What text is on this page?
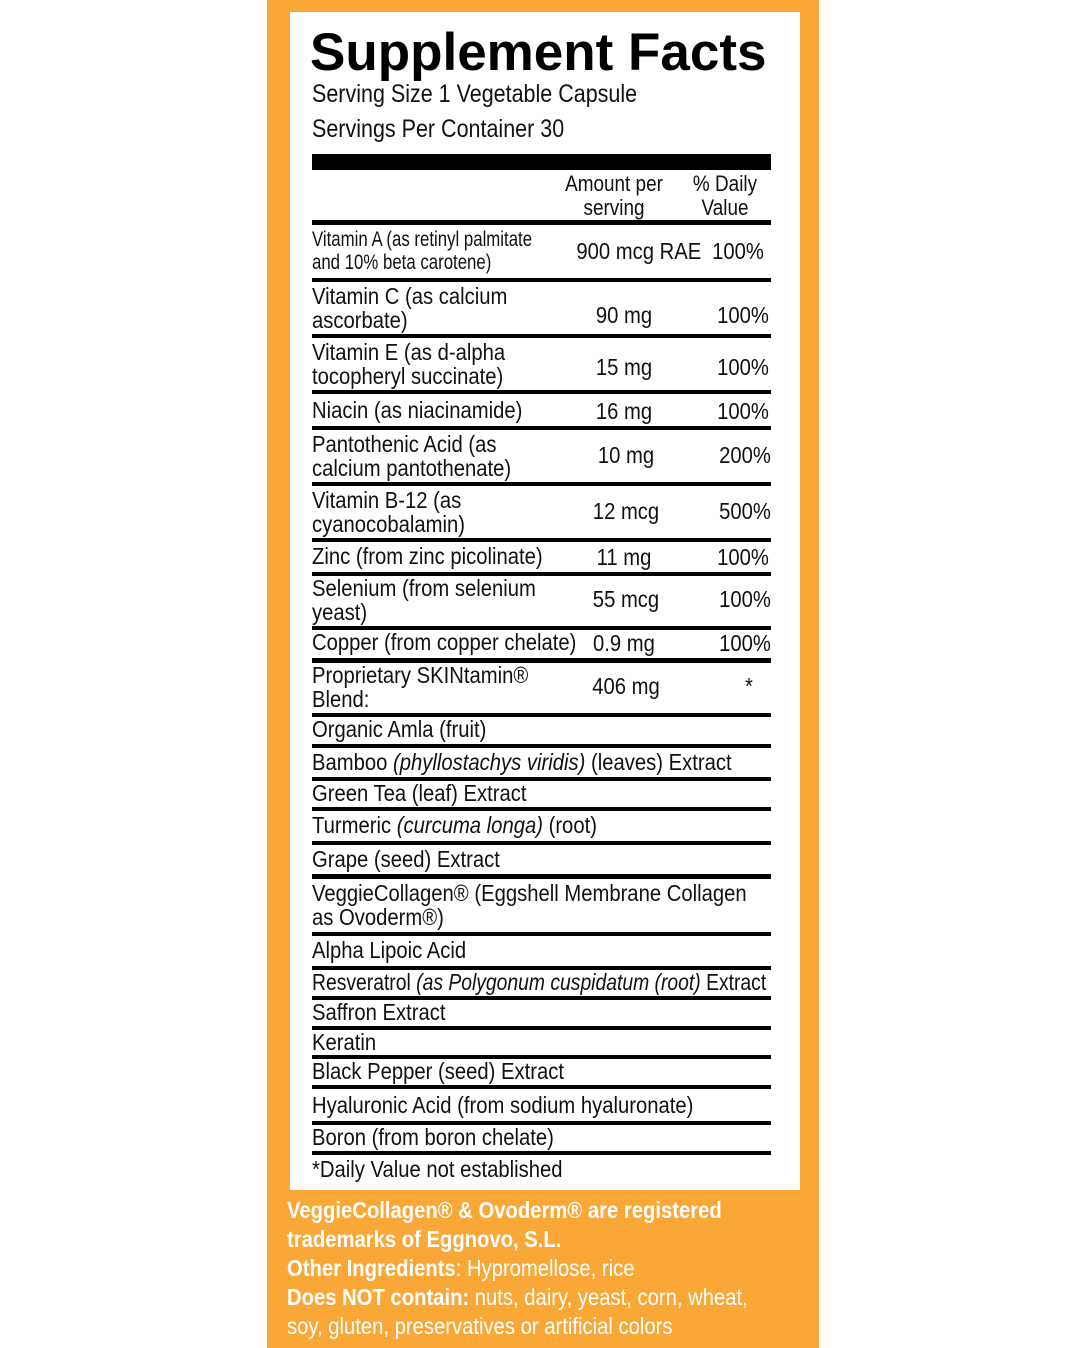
Supplement Facts
Serving Size 1 Vegetable Capsule
Servings Per Container 30
Amount per
serving
% Daily
Value
Vitamin A (as retinyl palmitate
and 10% beta carotene)	900 mcg RAE 100%
Vitamin C (as calcium
ascorbate)	90 mg	100%
Vitamin E (as d-alpha
tocopheryl succinate)	15 mg	100%
Niacin (as niacinamide)	16 mg	100%
Pantothenic Acid (as
calcium pantothenate)	10 mg	200%
Vitamin B-12 (as
cyanocobalamin)	12 mcg	500%
Zinc (from zinc picolinate)	11 mg	100%
Selenium (from selenium
yeast)	55 mcg	100%
Copper (from copper chelate) 0.9 mg	100%
Proprietary SKINtamin®
Blend:	406 mg	*
Organic Amla (fruit)
Bamboo (phyllostachys viridis) (leaves) Extract
Green Tea (leaf) Extract
Turmeric (curcuma longa) (root)
Grape (seed) Extract
VeggieCollagen® (Eggshell Membrane Collagen
as Ovoderm®)
Alpha Lipoic Acid
Resveratrol (as Polygonum cuspidatum (root) Extract
Saffron Extract
Keratin
Black Pepper (seed) Extract
Hyaluronic Acid (from sodium hyaluronate)
Boron (from boron chelate)
*Daily Value not established
VeggieCollagen® & Ovoderm® are registered
trademarks of Eggnovo, S.L.
Other Ingredients: Hypromellose, rice
Does NOT contain: nuts, dairy, yeast, corn, wheat,
soy, gluten, preservatives or artificial colors
